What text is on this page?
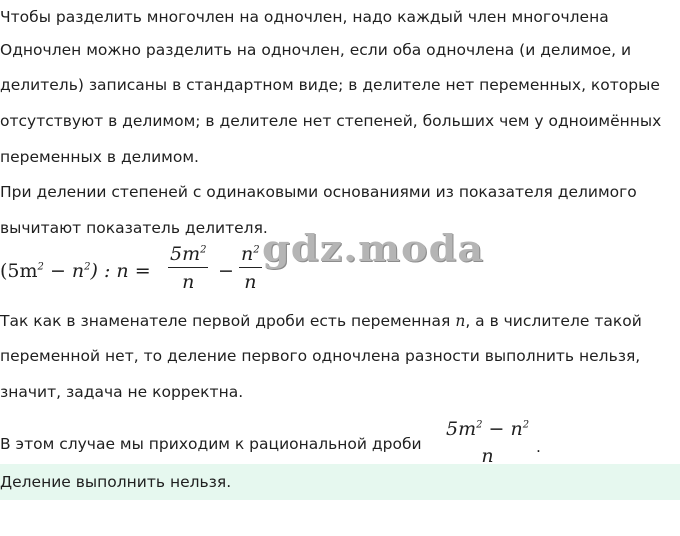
Чтобы разделить многочлен на одночлен, надо каждый член многочлена
Одночлен можно разделить на одночлен, если оба одночлена (и делимое, и
делитель) записаны в стандартном виде; в делителе нет переменных, которые
отсутствуют в делимом; в делителе нет степеней, больших чем у одноимённых
переменных в делимом.
При делении степеней с одинаковыми основаниями из показателя делимого
вычитают показатель делителя.
$(5m^2 - n^2)$ : n =
$5m^2$
n −
$n^2$
n
gdz.moda
Так как в знаменателе первой дроби есть переменная n, а в числителе такой
переменной нет, то деление первого одночлена разности выполнить нельзя,
значит, задача не корректна.
В этом случае мы приходим к рациональной дроби
$5m^2 - n^2$
n	.
Деление выполнить нельзя.
